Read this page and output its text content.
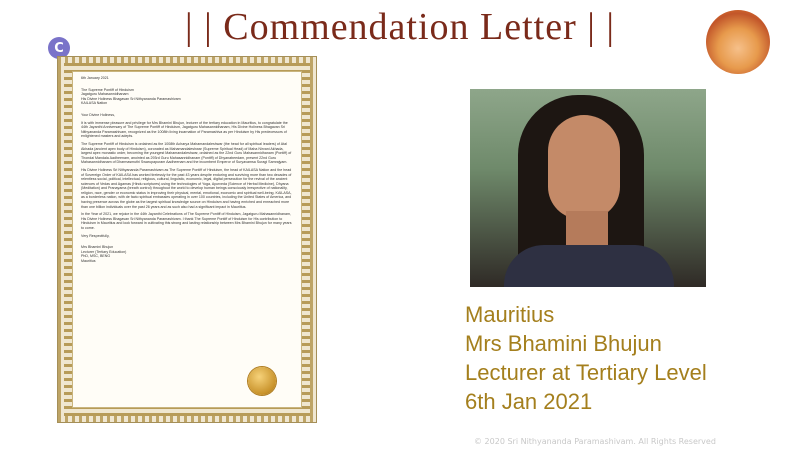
| | Commendation Letter | |
C

6th January 2021

The Supreme Pontiff of Hinduism

Jagatguru Mahasannidhanam

His Divine Holiness Bhagavan Sri Nithyananda Paramashivam

KAILASA Nation

Your Divine Holiness,

It is with immense pleasure and privilege for Mrs Bhamini Bhujun, lecturer of the tertiary education in Mauritius, to congratulate the 44th Jayanthi Anniversary of The Supreme Pontiff of Hinduism, Jagatguru Mahasannidhanam, His Divine Holiness Bhagavan Sri Nithyananda Paramashivam, recognized as the 1008th living incarnation of Paramashiva as per Hinduism by His predecessors of enlightened masters and adepts.

The Supreme Pontiff of Hinduism is ordained as the 1008th Acharya Mahamandaleshwar (the head for all spiritual leaders) of Atal Akhada (ancient apex body of Hinduism), coronated as Mahamandaleshwar (Supreme Spiritual Head) of Maha Nirvani Akhada, largest apex monastic order, becoming the youngest Mahamandaleshwar, ordained as the 22nd Guru Mahasannidhanam (Pontiff) of Thondai Mandala Aadheenam, anointed as 293rd Guru Mahasannidhanam (Pontiff) of Dhyanabeedam, present 22nd Guru Mahasannidhanam of Dharmasmuthi Swarupapuram Aadheenam and the incumbent Emperor of Suryavamsa Suragi Samrajyam.

His Divine Holiness Sri Nithyananda Paramashivam as The Supreme Pontiff of Hinduism, the head of KAILASA Nation and the head of Sovereign Order of KAILASA has worked tirelessly for the past 43 years despite enduring and surviving more than two decades of relentless social, political, intellectual, religious, cultural, linguistic, economic, legal, digital persecution for the revival of the ancient sciences of Vedas and Agamas (Hindu scriptures) using the technologies of Yoga, Ayurveda (Science of Herbal Medicine), Dhyana (Meditation) and Pranayama (breath control) throughout the world to develop human beings consciously irrespective of nationality, religion, race, gender or economic status in improving their physical, mental, emotional, economic and spiritual well-being. KAILASA, as a borderless nation, with de facto spiritual embassies operating in over 100 countries, including the United States of America, and having presence across the globe as the largest spiritual knowledge source on Hinduism and having enriched and enreached more than one billion individuals over the past 26 years and as such also had a significant impact in Mauritius.

In the Year of 2021, we rejoice in the 44th Jayanthi Celebrations of The Supreme Pontiff of Hinduism, Jagatguru Mahasannidhanam, His Divine Holiness Bhagavan Sri Nithyananda Paramashivam. I thank The Supreme Pontiff of Hinduism for His contribution to Hinduism in Mauritius and look forward in cultivating this strong and lasting relationship between Mrs Bhamini Bhujun for many years to come.

Very Respectfully,

Mrs Bhamini Bhujun

Lecturer (Tertiary Education)

PhD, MSC, BENG

Mauritius

Mauritius
Mrs Bhamini Bhujun
Lecturer at Tertiary Level
6th Jan 2021
© 2020 Sri Nithyananda Paramashivam. All Rights Reserved
